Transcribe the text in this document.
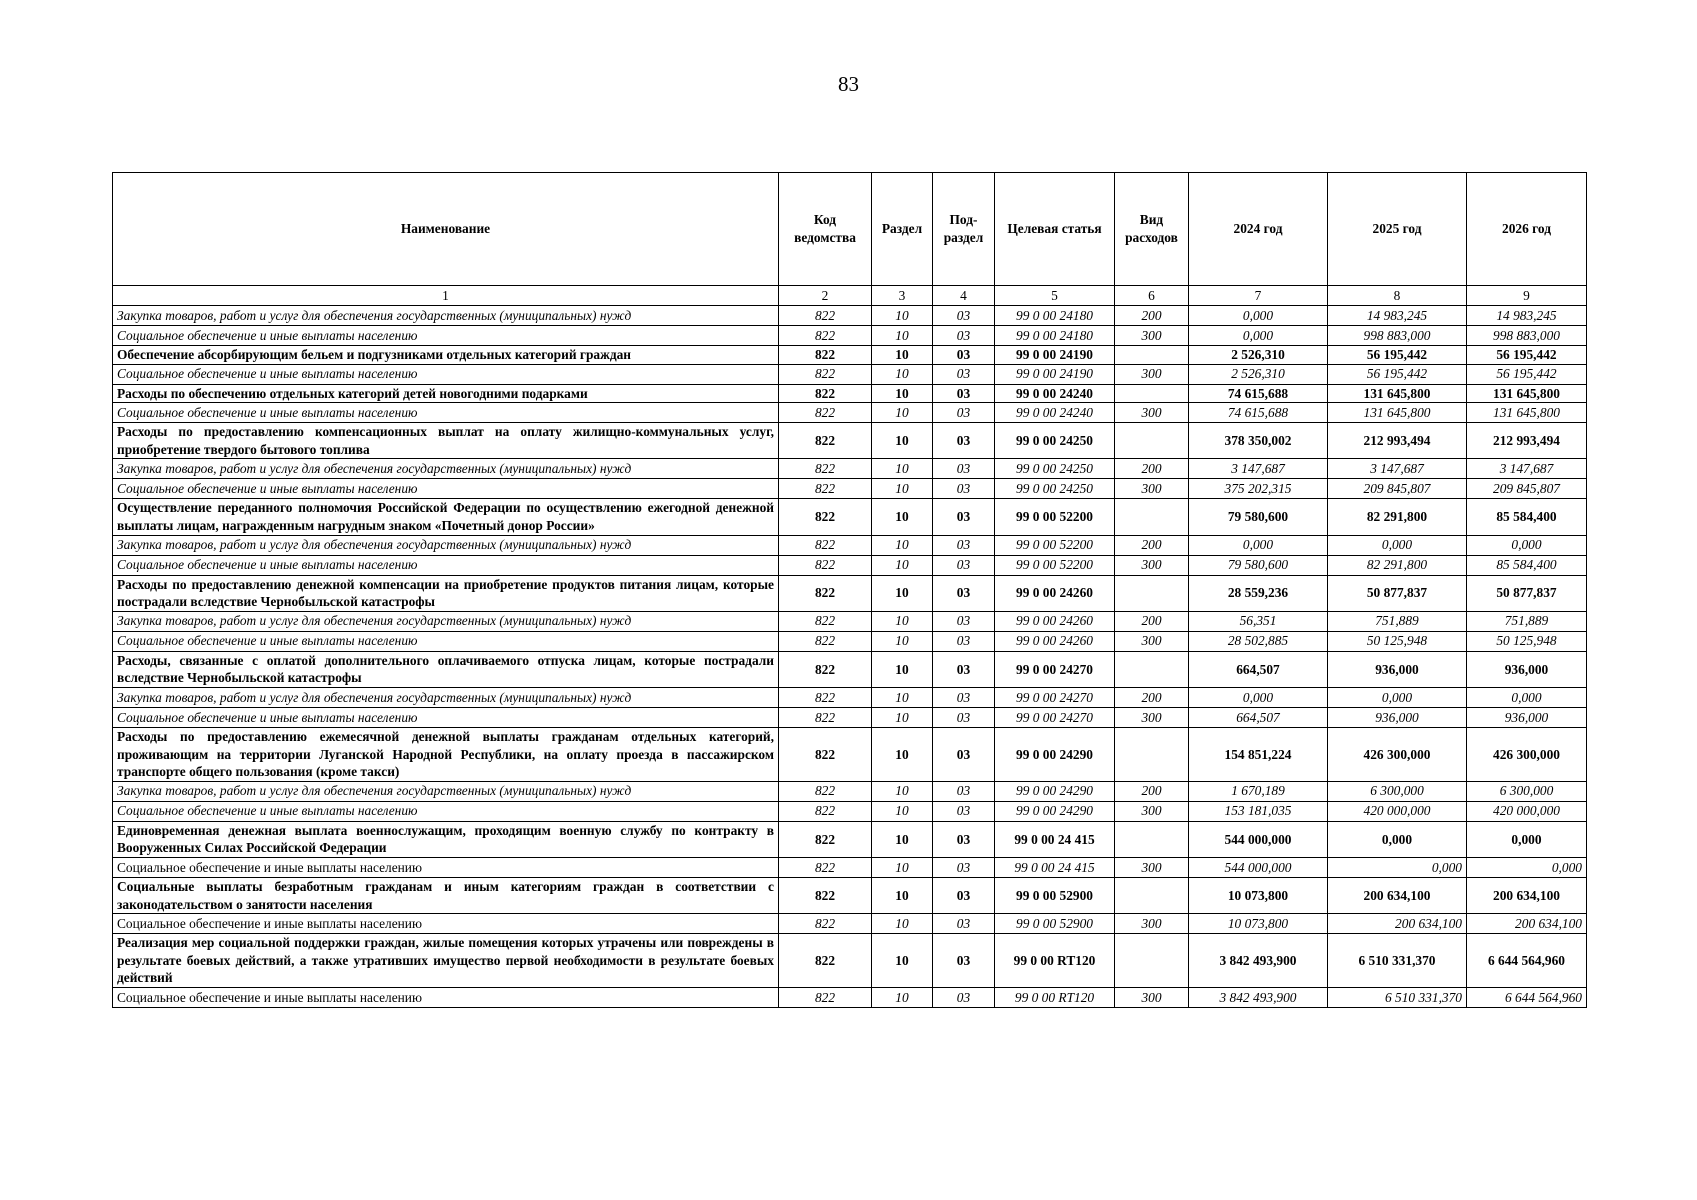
83
Наименование	Код ведомства	Раздел	Под-раздел	Целевая статья	Вид расходов	2024 год	2025 год	2026 год
1	2	3	4	5	6	7	8	9
Закупка товаров, работ и услуг для обеспечения государственных (муниципальных) нужд	822	10	03	99 0 00 24180	200	0,000	14 983,245	14 983,245
Социальное обеспечение и иные выплаты населению	822	10	03	99 0 00 24180	300	0,000	998 883,000	998 883,000
Обеспечение абсорбирующим бельем и подгузниками отдельных категорий граждан	822	10	03	99 0 00 24190		2 526,310	56 195,442	56 195,442
Социальное обеспечение и иные выплаты населению	822	10	03	99 0 00 24190	300	2 526,310	56 195,442	56 195,442
Расходы по обеспечению отдельных категорий детей новогодними подарками	822	10	03	99 0 00 24240		74 615,688	131 645,800	131 645,800
Социальное обеспечение и иные выплаты населению	822	10	03	99 0 00 24240	300	74 615,688	131 645,800	131 645,800
Расходы по предоставлению компенсационных выплат на оплату жилищно-коммунальных услуг, приобретение твердого бытового топлива	822	10	03	99 0 00 24250		378 350,002	212 993,494	212 993,494
Закупка товаров, работ и услуг для обеспечения государственных (муниципальных) нужд	822	10	03	99 0 00 24250	200	3 147,687	3 147,687	3 147,687
Социальное обеспечение и иные выплаты населению	822	10	03	99 0 00 24250	300	375 202,315	209 845,807	209 845,807
Осуществление переданного полномочия Российской Федерации по осуществлению ежегодной денежной выплаты лицам, награжденным нагрудным знаком «Почетный донор России»	822	10	03	99 0 00 52200		79 580,600	82 291,800	85 584,400
Закупка товаров, работ и услуг для обеспечения государственных (муниципальных) нужд	822	10	03	99 0 00 52200	200	0,000	0,000	0,000
Социальное обеспечение и иные выплаты населению	822	10	03	99 0 00 52200	300	79 580,600	82 291,800	85 584,400
Расходы по предоставлению денежной компенсации на приобретение продуктов питания лицам, которые пострадали вследствие Чернобыльской катастрофы	822	10	03	99 0 00 24260		28 559,236	50 877,837	50 877,837
Закупка товаров, работ и услуг для обеспечения государственных (муниципальных) нужд	822	10	03	99 0 00 24260	200	56,351	751,889	751,889
Социальное обеспечение и иные выплаты населению	822	10	03	99 0 00 24260	300	28 502,885	50 125,948	50 125,948
Расходы, связанные с оплатой дополнительного оплачиваемого отпуска лицам, которые пострадали вследствие Чернобыльской катастрофы	822	10	03	99 0 00 24270		664,507	936,000	936,000
Закупка товаров, работ и услуг для обеспечения государственных (муниципальных) нужд	822	10	03	99 0 00 24270	200	0,000	0,000	0,000
Социальное обеспечение и иные выплаты населению	822	10	03	99 0 00 24270	300	664,507	936,000	936,000
Расходы по предоставлению ежемесячной денежной выплаты гражданам отдельных категорий, проживающим на территории Луганской Народной Республики, на оплату проезда в пассажирском транспорте общего пользования (кроме такси)	822	10	03	99 0 00 24290		154 851,224	426 300,000	426 300,000
Закупка товаров, работ и услуг для обеспечения государственных (муниципальных) нужд	822	10	03	99 0 00 24290	200	1 670,189	6 300,000	6 300,000
Социальное обеспечение и иные выплаты населению	822	10	03	99 0 00 24290	300	153 181,035	420 000,000	420 000,000
Единовременная денежная выплата военнослужащим, проходящим военную службу по контракту в Вооруженных Силах Российской Федерации	822	10	03	99 0 00 24 415		544 000,000	0,000	0,000
Социальное обеспечение и иные выплаты населению	822	10	03	99 0 00 24 415	300	544 000,000	0,000	0,000
Социальные выплаты безработным гражданам и иным категориям граждан в соответствии с законодательством о занятости населения	822	10	03	99 0 00 52900		10 073,800	200 634,100	200 634,100
Социальное обеспечение и иные выплаты населению	822	10	03	99 0 00 52900	300	10 073,800	200 634,100	200 634,100
Реализация мер социальной поддержки граждан, жилые помещения которых утрачены или повреждены в результате боевых действий, а также утративших имущество первой необходимости в результате боевых действий	822	10	03	99 0 00 RT120		3 842 493,900	6 510 331,370	6 644 564,960
Социальное обеспечение и иные выплаты населению	822	10	03	99 0 00 RT120	300	3 842 493,900	6 510 331,370	6 644 564,960
